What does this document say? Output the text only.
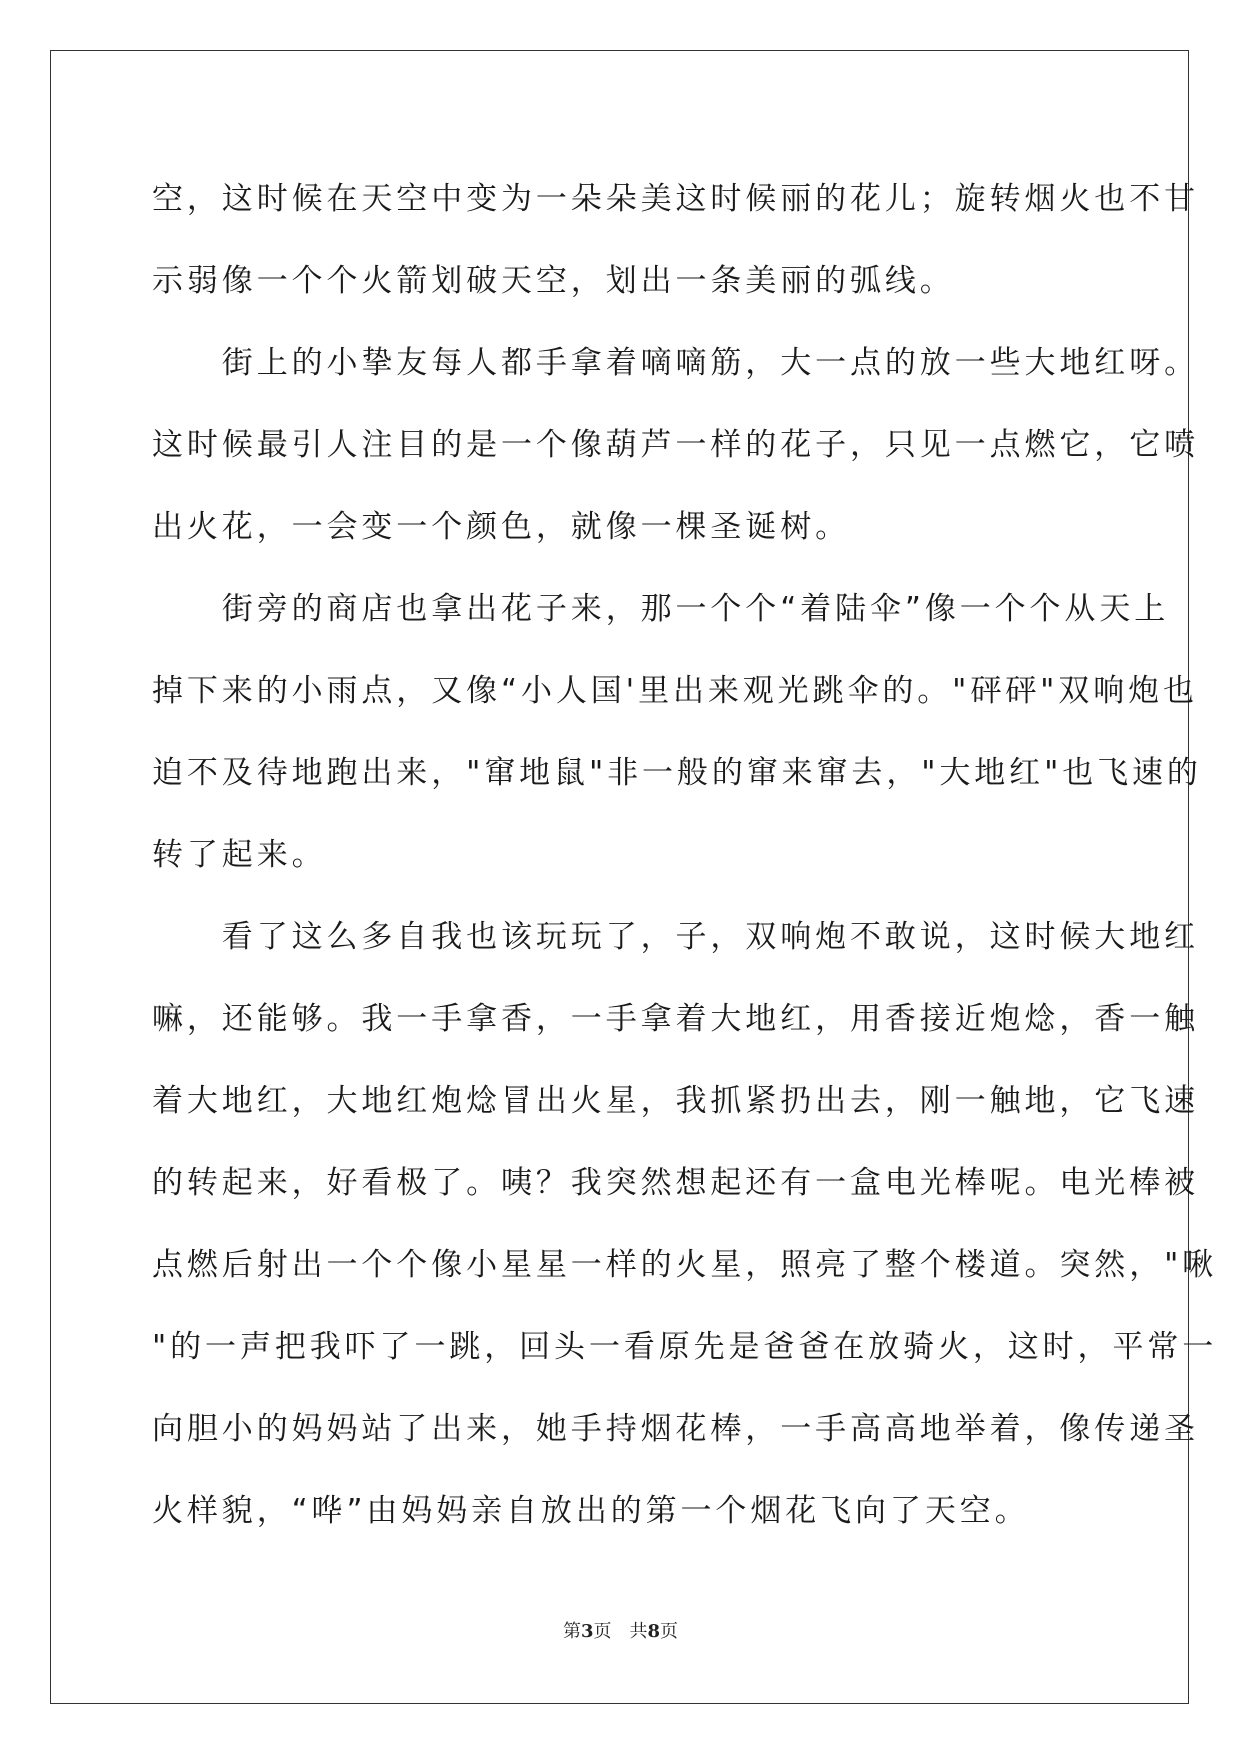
空，这时候在天空中变为一朵朵美这时候丽的花儿；旋转烟火也不甘
示弱像一个个火箭划破天空，划出一条美丽的弧线。
　　街上的小挚友每人都手拿着嘀嘀筋，大一点的放一些大地红呀。
这时候最引人注目的是一个像葫芦一样的花子，只见一点燃它，它喷
出火花，一会变一个颜色，就像一棵圣诞树。
　　街旁的商店也拿出花子来，那一个个“着陆伞”像一个个从天上
掉下来的小雨点，又像“小人国'里出来观光跳伞的。"砰砰"双响炮也
迫不及待地跑出来，"窜地鼠"非一般的窜来窜去，"大地红"也飞速的
转了起来。
　　看了这么多自我也该玩玩了，子，双响炮不敢说，这时候大地红
嘛，还能够。我一手拿香，一手拿着大地红，用香接近炮焾，香一触
着大地红，大地红炮焾冒出火星，我抓紧扔出去，刚一触地，它飞速
的转起来，好看极了。咦？我突然想起还有一盒电光棒呢。电光棒被
点燃后射出一个个像小星星一样的火星，照亮了整个楼道。突然，"啾
"的一声把我吓了一跳，回头一看原先是爸爸在放骑火，这时，平常一
向胆小的妈妈站了出来，她手持烟花棒，一手高高地举着，像传递圣
火样貌，“哗”由妈妈亲自放出的第一个烟花飞向了天空。
第3页　共8页
